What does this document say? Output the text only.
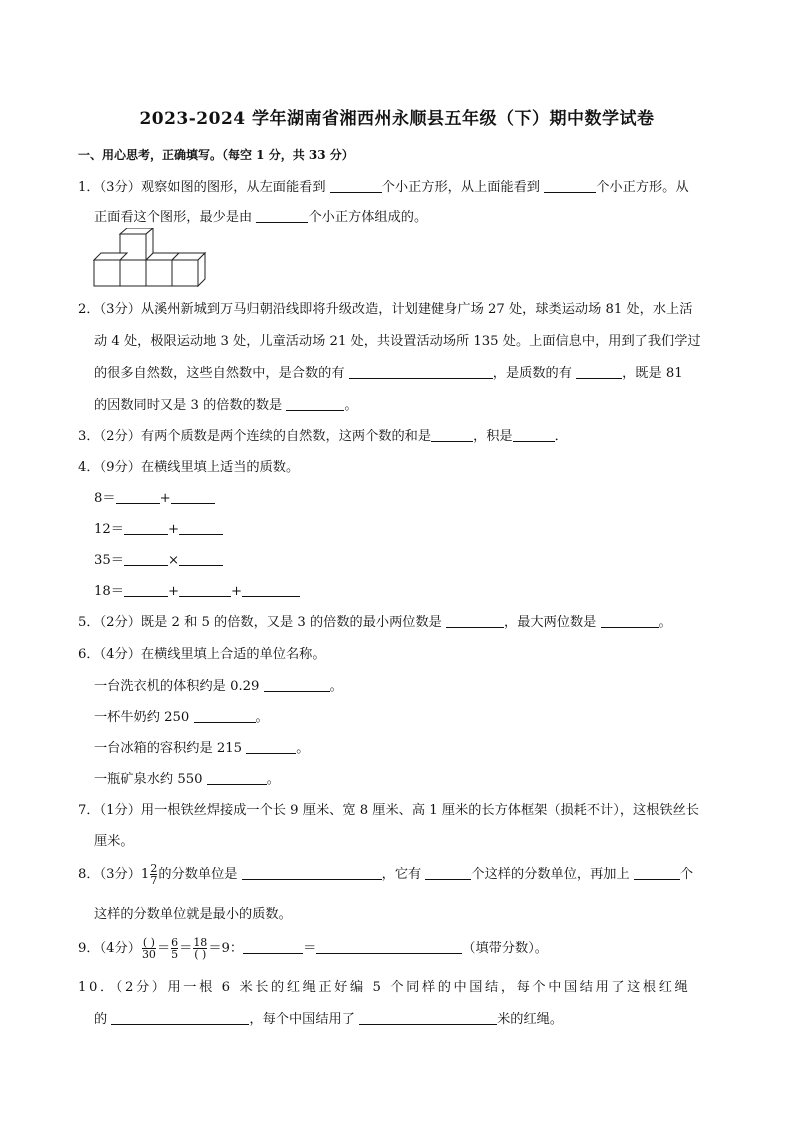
2023-2024 学年湖南省湘西州永顺县五年级（下）期中数学试卷
一、用心思考，正确填写。（每空 1 分，共 33 分）
1．（3分）观察如图的图形，从左面能看到	个小正方形，从上面能看到	个小正方形。从
正面看这个图形，最少是由	个小正方体组成的。
2．（3分）从溪州新城到万马归朝沿线即将升级改造，计划建健身广场 27 处，球类运动场 81 处，水上活
动 4 处，极限运动地 3 处，儿童活动场 21 处，共设置活动场所 135 处。上面信息中，用到了我们学过
的很多自然数，这些自然数中，是合数的有	，是质数的有	，既是 81
的因数同时又是 3 的倍数的数是	。
3．（2分）有两个质数是两个连续的自然数，这两个数的和是	，积是	．
4．（9分）在横线里填上适当的质数。
8＝	+
12＝	+
35＝	×
18＝	+	+
5．（2分）既是 2 和 5 的倍数，又是 3 的倍数的最小两位数是	，最大两位数是	。
6．（4分）在横线里填上合适的单位名称。
一台洗衣机的体积约是 0.29	。
一杯牛奶约 250	。
一台冰箱的容积约是 215	。
一瓶矿泉水约 550	。
7．（1分）用一根铁丝焊接成一个长 9 厘米、宽 8 厘米、高 1 厘米的长方体框架（损耗不计），这根铁丝长
厘米。
8．（3分）$1 \frac{2}{7}$ 的分数单位是	，它有	个这样的分数单位，再加上	个
这样的分数单位就是最小的质数。
9．（4分） $\frac{( )}{30} = \frac{6}{5} = \frac{18}{( )} =9$：	＝	（填带分数）。
10．（2分）用一根 6 米长的红绳正好编 5 个同样的中国结，每个中国结用了这根红绳
的	，每个中国结用了	米的红绳。
